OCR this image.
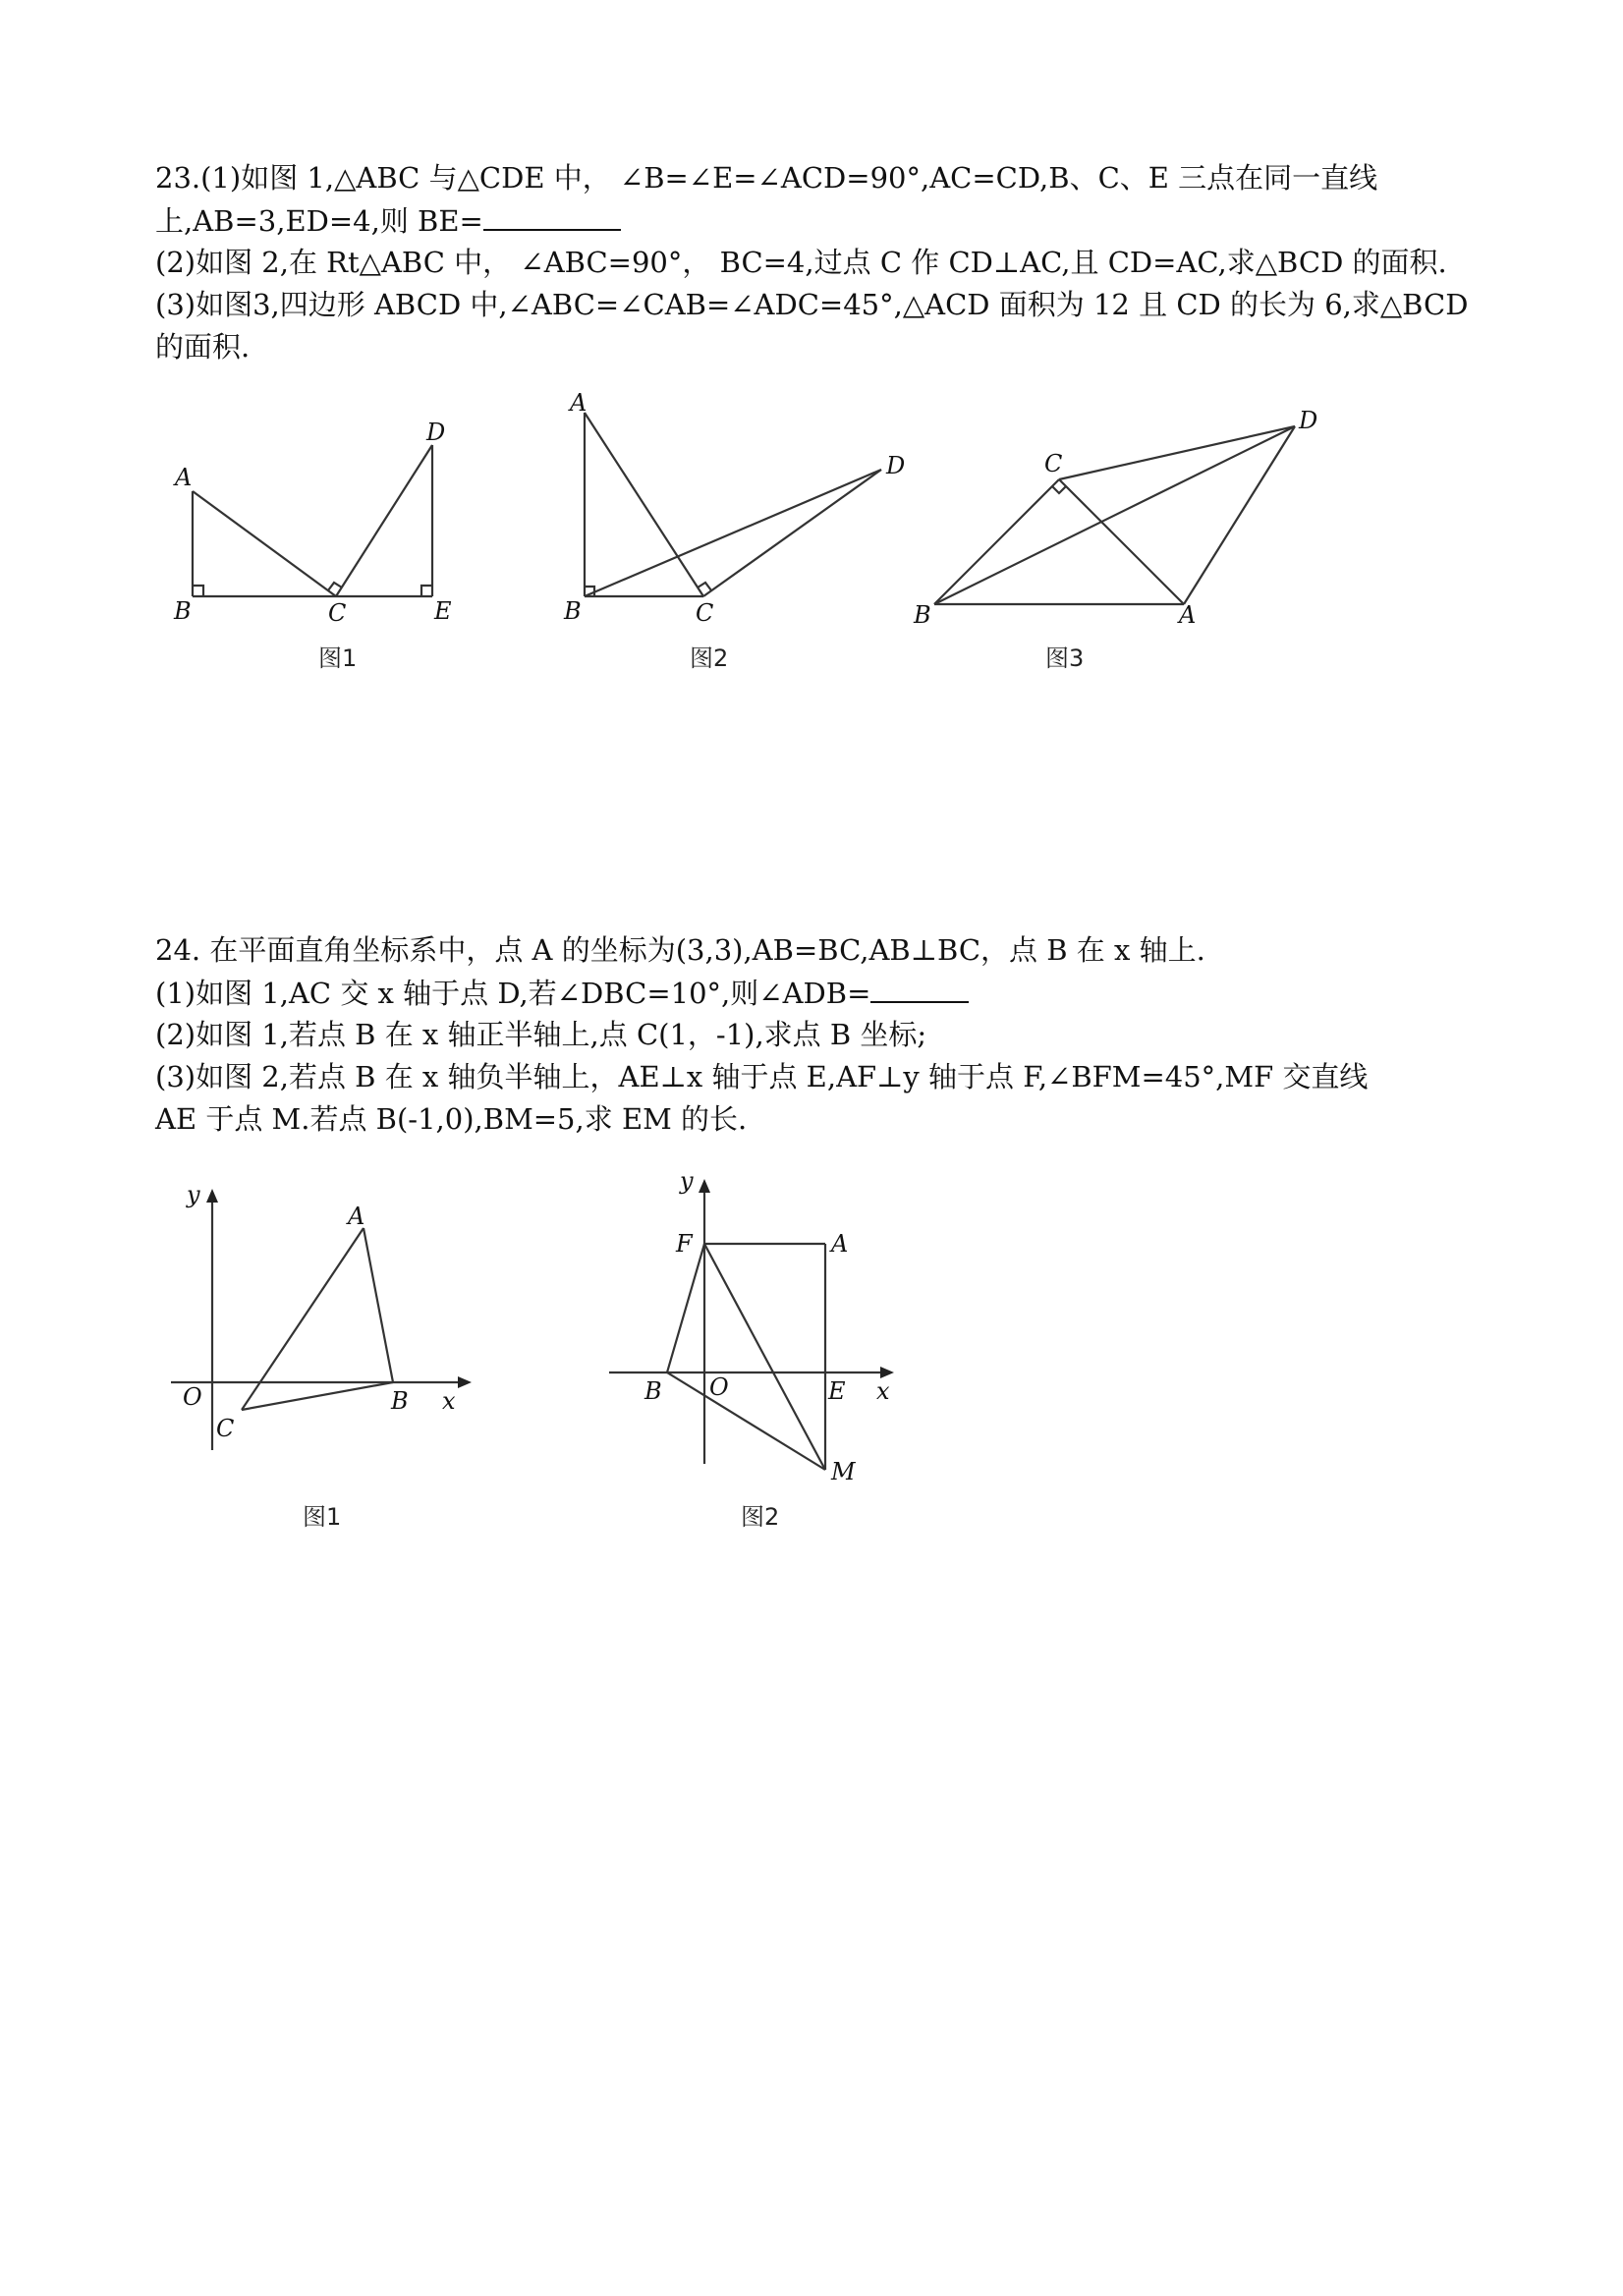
23.(1)如图 1,△ABC 与△CDE 中， ∠B=∠E=∠ACD=90°,AC=CD,B、C、E 三点在同一直线
上,AB=3,ED=4,则 BE=
(2)如图 2,在 Rt△ABC 中， ∠ABC=90°， BC=4,过点 C 作 CD⊥AC,且 CD=AC,求△BCD 的面积.
(3)如图3,四边形 ABCD 中,∠ABC=∠CAB=∠ADC=45°,△ACD 面积为 12 且 CD 的长为 6,求△BCD
的面积.
A
B	C
D
E
图1
A
B	C
D
图2
C
D
B	A
图3
24. 在平面直角坐标系中，点 A 的坐标为(3,3),AB=BC,AB⊥BC，点 B 在 x 轴上.
(1)如图 1,AC 交 x 轴于点 D,若∠DBC=10°,则∠ADB=
(2)如图 1,若点 B 在 x 轴正半轴上,点 C(1，-1),求点 B 坐标;
(3)如图 2,若点 B 在 x 轴负半轴上，AE⊥x 轴于点 E,AF⊥y 轴于点 F,∠BFM=45°,MF 交直线
AE 于点 M.若点 B(-1,0),BM=5,求 EM 的长.
y
A
O
C
B x
图1
y
F	A
B O	E x
M
图2
